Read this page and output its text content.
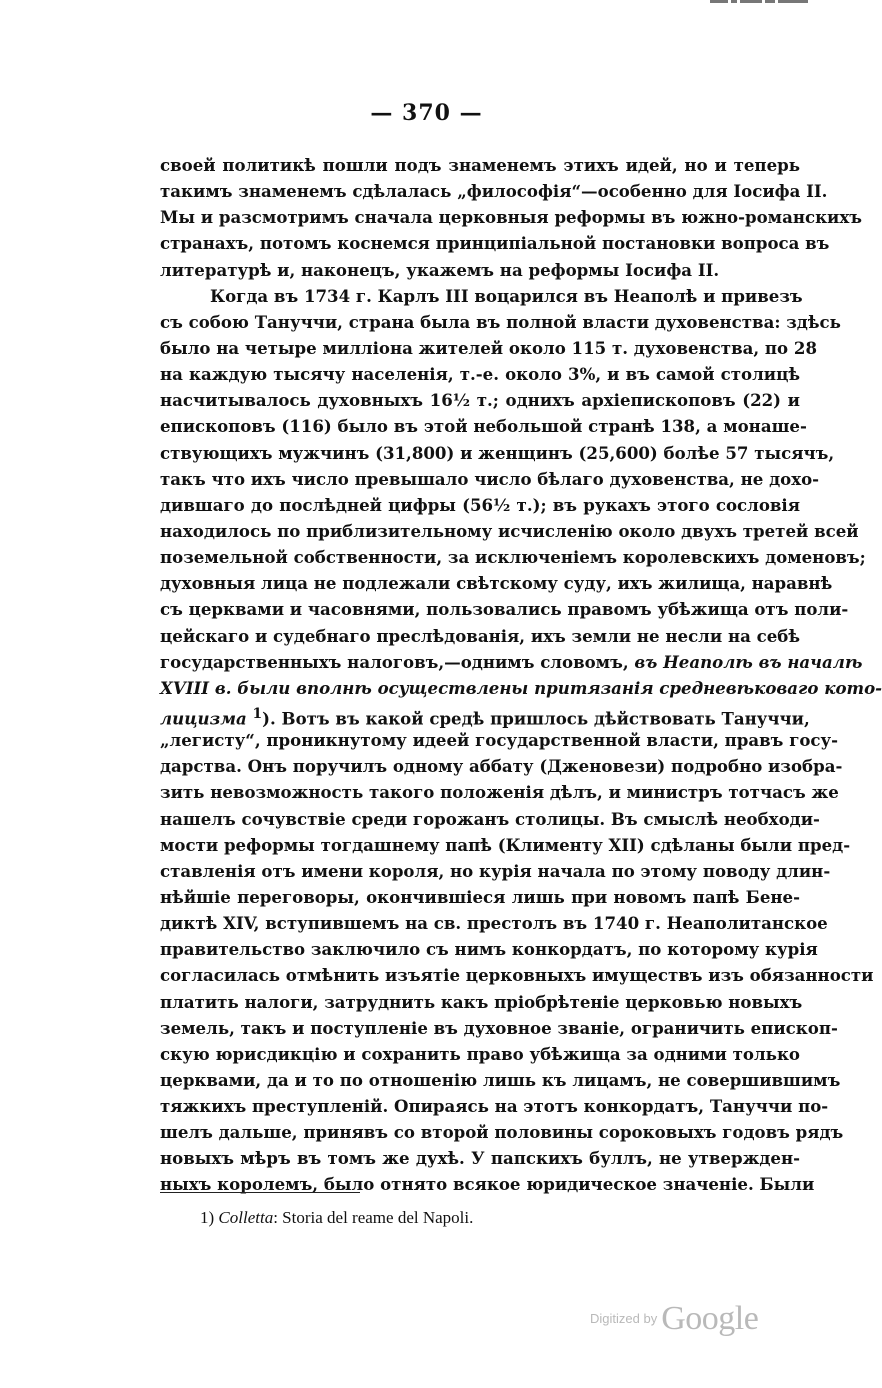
— 370 —
своей политикѣ пошли подъ знаменемъ этихъ идей, но и теперь
такимъ знаменемъ сдѣлалась „философія“—особенно для Іосифа II.
Мы и разсмотримъ сначала церковныя реформы въ южно-романскихъ
странахъ, потомъ коснемся принципіальной постановки вопроса въ
литературѣ и, наконецъ, укажемъ на реформы Іосифа II.
Когда въ 1734 г. Карлъ III воцарился въ Неаполѣ и привезъ
съ собою Тануччи, страна была въ полной власти духовенства: здѣсь
было на четыре милліона жителей около 115 т. духовенства, по 28
на каждую тысячу населенія, т.-е. около 3%, и въ самой столицѣ
насчитывалось духовныхъ 16½ т.; однихъ архіепископовъ (22) и
епископовъ (116) было въ этой небольшой странѣ 138, а монаше-
ствующихъ мужчинъ (31,800) и женщинъ (25,600) болѣе 57 тысячъ,
такъ что ихъ число превышало число бѣлаго духовенства, не дохо-
дившаго до послѣдней цифры (56½ т.); въ рукахъ этого сословія
находилось по приблизительному исчисленію около двухъ третей всей
поземельной собственности, за исключеніемъ королевскихъ доменовъ;
духовныя лица не подлежали свѣтскому суду, ихъ жилища, наравнѣ
съ церквами и часовнями, пользовались правомъ убѣжища отъ поли-
цейскаго и судебнаго преслѣдованія, ихъ земли не несли на себѣ
государственныхъ налоговъ,—однимъ словомъ, въ Неаполѣ въ началѣ
XVIII в. были вполнѣ осуществлены притязанія средневѣковаго кото-
лицизма $^1$). Вотъ въ какой средѣ пришлось дѣйствовать Тануччи,
„легисту“, проникнутому идеей государственной власти, правъ госу-
дарства. Онъ поручилъ одному аббату (Дженовези) подробно изобра-
зить невозможность такого положенія дѣлъ, и министръ тотчасъ же
нашелъ сочувствіе среди горожанъ столицы. Въ смыслѣ необходи-
мости реформы тогдашнему папѣ (Клименту XII) сдѣланы были пред-
ставленія отъ имени короля, но курія начала по этому поводу длин-
нѣйшіе переговоры, окончившіеся лишь при новомъ папѣ Бене-
диктѣ XIV, вступившемъ на св. престолъ въ 1740 г. Неаполитанское
правительство заключило съ нимъ конкордатъ, по которому курія
согласилась отмѣнить изъятіе церковныхъ имуществъ изъ обязанности
платить налоги, затруднить какъ пріобрѣтеніе церковью новыхъ
земель, такъ и поступленіе въ духовное званіе, ограничить епископ-
скую юрисдикцію и сохранить право убѣжища за одними только
церквами, да и то по отношенію лишь къ лицамъ, не совершившимъ
тяжкихъ преступленій. Опираясь на этотъ конкордатъ, Тануччи по-
шелъ дальше, принявъ со второй половины сороковыхъ годовъ рядъ
новыхъ мѣръ въ томъ же духѣ. У папскихъ буллъ, не утвержден-
ныхъ королемъ, было отнято всякое юридическое значеніе. Были
1) Colletta: Storia del reame del Napoli.
$^{Digitized by}$ Google
